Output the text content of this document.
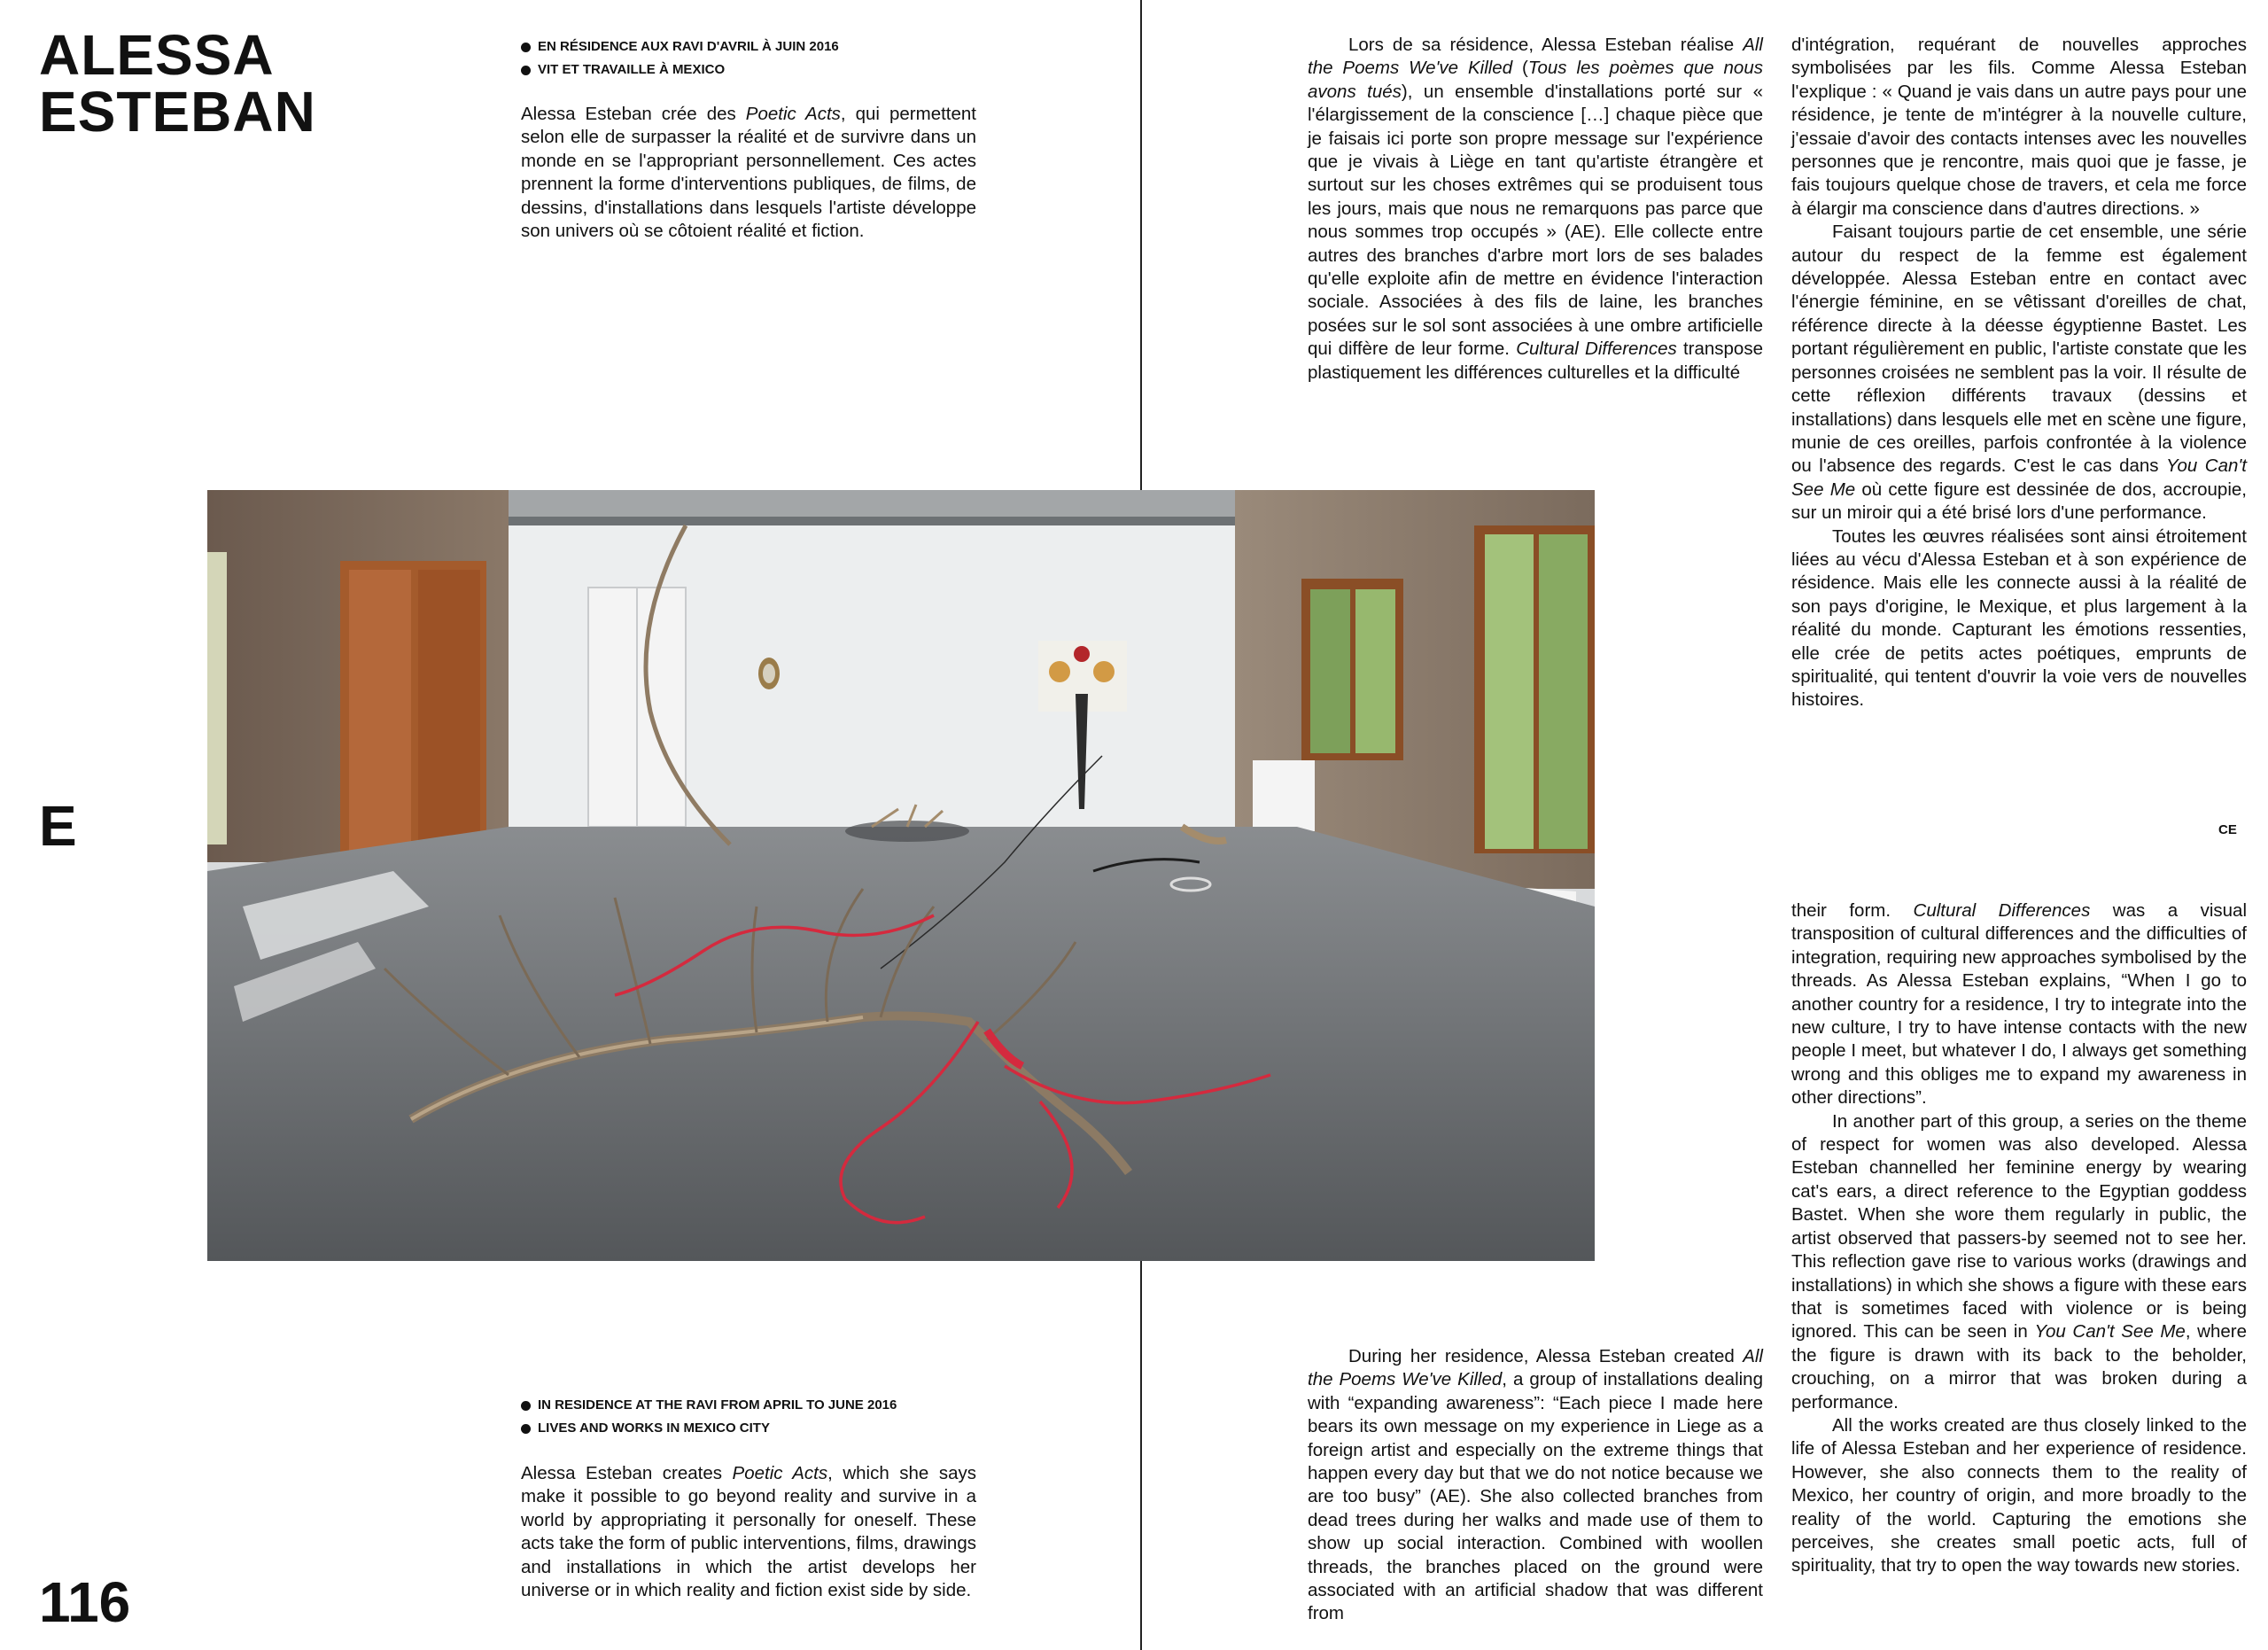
ALESSA
ESTEBAN
E
116
EN RÉSIDENCE AUX RAVI D'AVRIL À JUIN 2016
VIT ET TRAVAILLE À MEXICO

Alessa Esteban crée des Poetic Acts, qui permettent selon elle de surpasser la réalité et de survivre dans un monde en se l'appropriant personnellement. Ces actes prennent la forme d'interventions publiques, de films, de dessins, d'installations dans lesquels l'artiste développe son univers où se côtoient réalité et fiction.

Lors de sa résidence, Alessa Esteban réalise All the Poems We've Killed (Tous les poèmes que nous avons tués), un ensemble d'installations porté sur « l'élargissement de la conscience […] chaque pièce que je faisais ici porte son propre message sur l'expérience que je vivais à Liège en tant qu'artiste étrangère et surtout sur les choses extrêmes qui se produisent tous les jours, mais que nous ne remarquons pas parce que nous sommes trop occupés » (AE). Elle collecte entre autres des branches d'arbre mort lors de ses balades qu'elle exploite afin de mettre en évidence l'interaction sociale. Associées à des fils de laine, les branches posées sur le sol sont associées à une ombre artificielle qui diffère de leur forme. Cultural Differences transpose plastiquement les différences culturelles et la difficulté

d'intégration, requérant de nouvelles approches symbolisées par les fils. Comme Alessa Esteban l'explique : « Quand je vais dans un autre pays pour une résidence, je tente de m'intégrer à la nouvelle culture, j'essaie d'avoir des contacts intenses avec les nouvelles personnes que je rencontre, mais quoi que je fasse, je fais toujours quelque chose de travers, et cela me force à élargir ma conscience dans d'autres directions. »

Faisant toujours partie de cet ensemble, une série autour du respect de la femme est également développée. Alessa Esteban entre en contact avec l'énergie féminine, en se vêtissant d'oreilles de chat, référence directe à la déesse égyptienne Bastet. Les portant régulièrement en public, l'artiste constate que les personnes croisées ne semblent pas la voir. Il résulte de cette réflexion différents travaux (dessins et installations) dans lesquels elle met en scène une figure, munie de ces oreilles, parfois confrontée à la violence ou l'absence des regards. C'est le cas dans You Can't See Me où cette figure est dessinée de dos, accroupie, sur un miroir qui a été brisé lors d'une performance.

Toutes les œuvres réalisées sont ainsi étroitement liées au vécu d'Alessa Esteban et à son expérience de résidence. Mais elle les connecte aussi à la réalité de son pays d'origine, le Mexique, et plus largement à la réalité du monde. Capturant les émotions ressenties, elle crée de petits actes poétiques, emprunts de spiritualité, qui tentent d'ouvrir la voie vers de nouvelles histoires.

CE
IN RESIDENCE AT THE RAVI FROM APRIL TO JUNE 2016
LIVES AND WORKS IN MEXICO CITY

Alessa Esteban creates Poetic Acts, which she says make it possible to go beyond reality and survive in a world by appropriating it personally for oneself. These acts take the form of public interventions, films, drawings and installations in which the artist develops her universe or in which reality and fiction exist side by side.

During her residence, Alessa Esteban created All the Poems We've Killed, a group of installations dealing with “expanding awareness”: “Each piece I made here bears its own message on my experience in Liege as a foreign artist and especially on the extreme things that happen every day but that we do not notice because we are too busy” (AE). She also collected branches from dead trees during her walks and made use of them to show up social interaction. Combined with woollen threads, the branches placed on the ground were associated with an artificial shadow that was different from

their form. Cultural Differences was a visual transposition of cultural differences and the difficulties of integration, requiring new approaches symbolised by the threads. As Alessa Esteban explains, “When I go to another country for a residence, I try to integrate into the new culture, I try to have intense contacts with the new people I meet, but whatever I do, I always get something wrong and this obliges me to expand my awareness in other directions”.

In another part of this group, a series on the theme of respect for women was also developed. Alessa Esteban channelled her feminine energy by wearing cat's ears, a direct reference to the Egyptian goddess Bastet. When she wore them regularly in public, the artist observed that passers-by seemed not to see her. This reflection gave rise to various works (drawings and installations) in which she shows a figure with these ears that is sometimes faced with violence or is being ignored. This can be seen in You Can't See Me, where the figure is drawn with its back to the beholder, crouching, on a mirror that was broken during a performance.

All the works created are thus closely linked to the life of Alessa Esteban and her experience of residence. However, she also connects them to the reality of Mexico, her country of origin, and more broadly to the reality of the world. Capturing the emotions she perceives, she creates small poetic acts, full of spirituality, that try to open the way towards new stories.
